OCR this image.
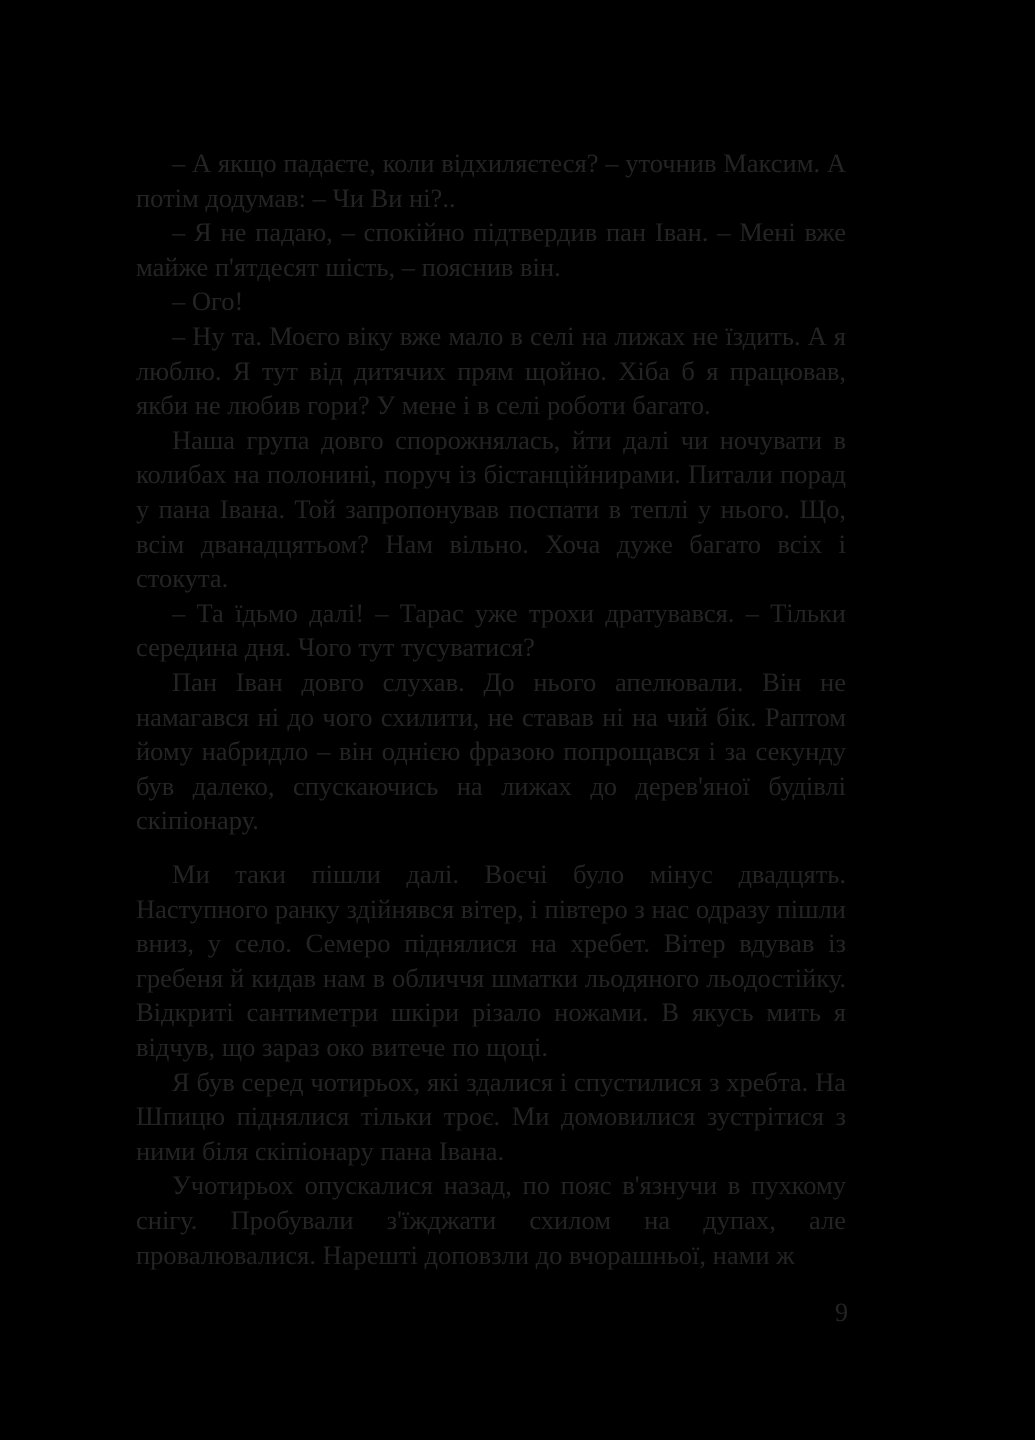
– А якщо падаєте, коли відхиляєтеся? – уточнив Максим. А потім додумав: – Чи Ви ні?..

– Я не падаю, – спокійно підтвердив пан Іван. – Мені вже майже п'ятдесят шість, – пояснив він.

– Ого!

– Ну та. Моєго віку вже мало в селі на лижах не їздить. А я люблю. Я тут від дитячих прям щойно. Хіба б я працював, якби не любив гори? У мене і в селі роботи багато.

Наша група довго спорожнялась, йти далі чи ночувати в колибах на полонині, поруч із бістанційнирами. Питали порад у пана Івана. Той запропонував поспати в теплі у нього. Що, всім дванадцятьом? Нам вільно. Хоча дуже багато всіх і стокута.

– Та їдьмо далі! – Тарас уже трохи дратувався. – Тільки середина дня. Чого тут тусуватися?

Пан Іван довго слухав. До нього апелювали. Він не намагався ні до чого схилити, не ставав ні на чий бік. Раптом йому набридло – він однією фразою попрощався і за секунду був далеко, спускаючись на лижах до дерев'яної будівлі скіпіонару.

Ми таки пішли далі. Воєчі було мінус двадцять. Наступного ранку здійнявся вітер, і півтеро з нас одразу пішли вниз, у село. Семеро піднялися на хребет. Вітер вдував із гребеня й кидав нам в обличчя шматки льодяного льодостійку. Відкриті сантиметри шкіри різало ножами. В якусь мить я відчув, що зараз око витече по щоці.

Я був серед чотирьох, які здалися і спустилися з хребта. На Шпицю піднялися тільки троє. Ми домовилися зустрітися з ними біля скіпіонару пана Івана.

Учотирьох опускалися назад, по пояс в'язнучи в пухкому снігу. Пробували з'їжджати схилом на дупах, але провалювалися. Нарешті доповзли до вчорашньої, нами ж

9
